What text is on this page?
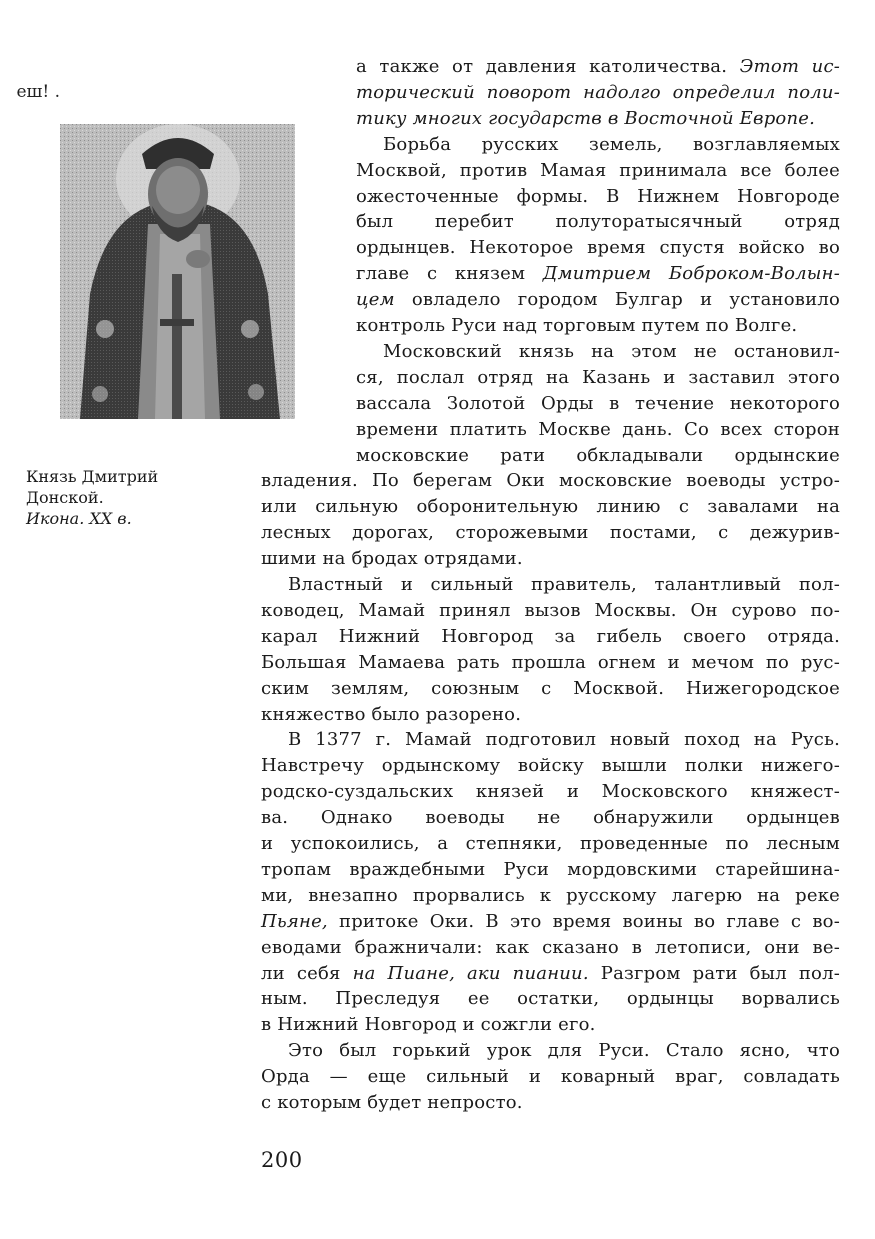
еш! .
Князь Дмитрий
Донской.
Икона. XX в.
а также от давления католичества. Этот ис-
торический поворот надолго определил поли-
тику многих государств в Восточной Европе.
Борьба русских земель, возглавляемых
Москвой, против Мамая принимала все более
ожесточенные формы. В Нижнем Новгороде
был перебит полуторатысячный отряд
ордынцев. Некоторое время спустя войско во
главе с князем Дмитрием Боброком-Волын-
цем овладело городом Булгар и установило
контроль Руси над торговым путем по Волге.
Московский князь на этом не остановил-
ся, послал отряд на Казань и заставил этого
вассала Золотой Орды в течение некоторого
времени платить Москве дань. Со всех сторон
московские рати обкладывали ордынские
владения. По берегам Оки московские воеводы устро-
или сильную оборонительную линию с завалами на
лесных дорогах, сторожевыми постами, с дежурив-
шими на бродах отрядами.
Властный и сильный правитель, талантливый пол-
ководец, Мамай принял вызов Москвы. Он сурово по-
карал Нижний Новгород за гибель своего отряда.
Большая Мамаева рать прошла огнем и мечом по рус-
ским землям, союзным с Москвой. Нижегородское
княжество было разорено.
В 1377 г. Мамай подготовил новый поход на Русь.
Навстречу ордынскому войску вышли полки нижего-
родско-суздальских князей и Московского княжест-
ва. Однако воеводы не обнаружили ордынцев
и успокоились, а степняки, проведенные по лесным
тропам враждебными Руси мордовскими старейшина-
ми, внезапно прорвались к русскому лагерю на реке
Пьяне, притоке Оки. В это время воины во главе с во-
еводами бражничали: как сказано в летописи, они ве-
ли себя на Пиане, аки пиании. Разгром рати был пол-
ным. Преследуя ее остатки, ордынцы ворвались
в Нижний Новгород и сожгли его.
Это был горький урок для Руси. Стало ясно, что
Орда — еще сильный и коварный враг, совладать
с которым будет непросто.
200
